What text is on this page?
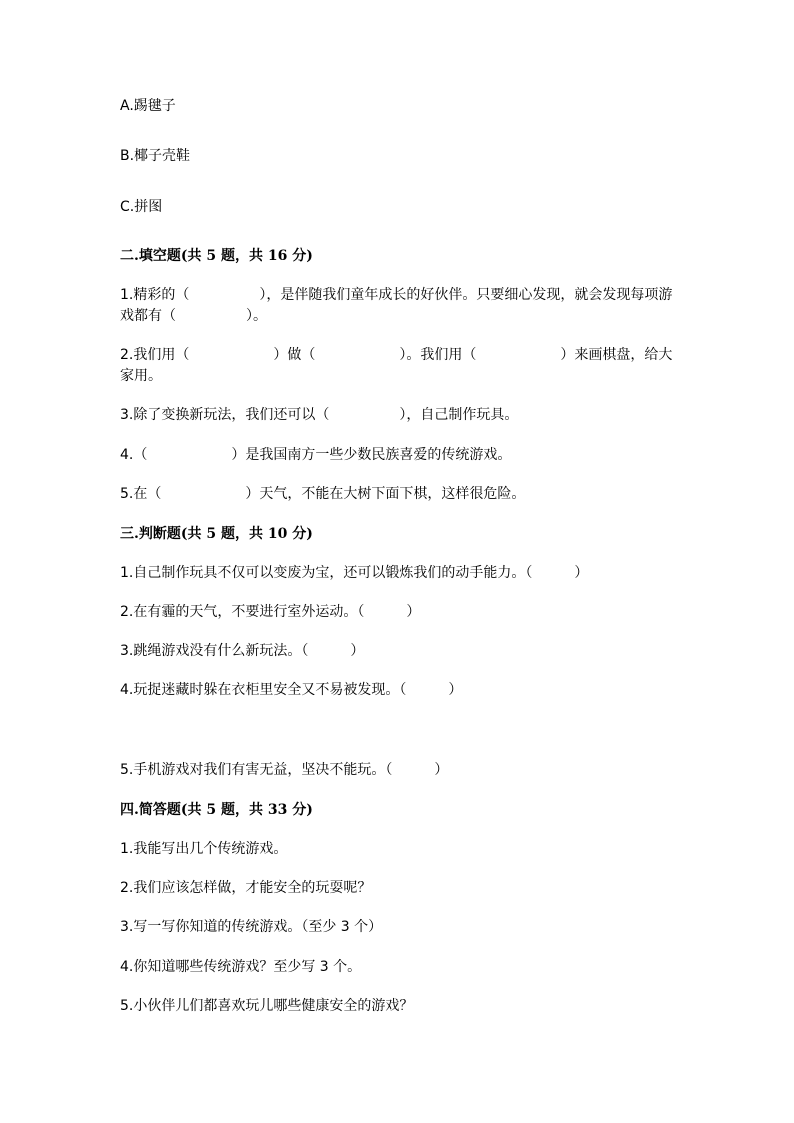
A.踢毽子
B.椰子壳鞋
C.拼图
二.填空题(共 5 题，共 16 分)
1.精彩的（　　　　　），是伴随我们童年成长的好伙伴。只要细心发现，就会发现每项游戏都有（　　　　　）。
2.我们用（　　　　　　）做（　　　　　　）。我们用（　　　　　　）来画棋盘，给大家用。
3.除了变换新玩法，我们还可以（　　　　　），自己制作玩具。
4.（　　　　　　）是我国南方一些少数民族喜爱的传统游戏。
5.在（　　　　　　）天气，不能在大树下面下棋，这样很危险。
三.判断题(共 5 题，共 10 分)
1.自己制作玩具不仅可以变废为宝，还可以锻炼我们的动手能力。（　　　）
2.在有霾的天气，不要进行室外运动。（　　　）
3.跳绳游戏没有什么新玩法。（　　　）
4.玩捉迷藏时躲在衣柜里安全又不易被发现。（　　　）
5.手机游戏对我们有害无益，坚决不能玩。（　　　）
四.简答题(共 5 题，共 33 分)
1.我能写出几个传统游戏。
2.我们应该怎样做，才能安全的玩耍呢？
3.写一写你知道的传统游戏。（至少 3 个）
4.你知道哪些传统游戏？至少写 3 个。
5.小伙伴儿们都喜欢玩儿哪些健康安全的游戏？
